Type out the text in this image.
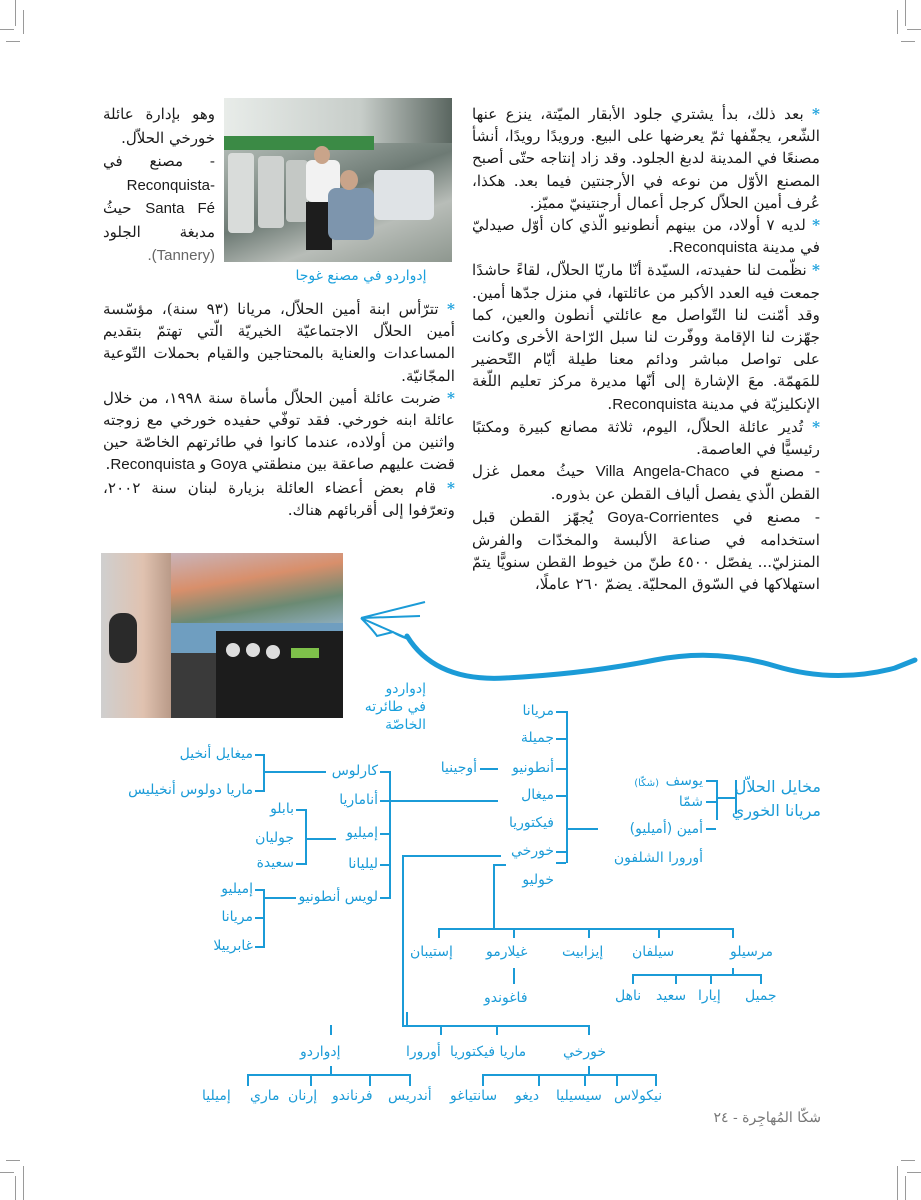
* بعد ذلك، بدأ يشتري جلود الأبقار الميّتة، ينزع عنها الشّعر، يجفّفها ثمّ يعرضها على البيع. ورويدًا رويدًا، أنشأ مصنعًا في المدينة لدبغ الجلود. وقد زاد إنتاجه حتّى أصبح المصنع الأوّل من نوعه في الأرجنتين فيما بعد. هكذا، عُرف أمين الحلاّل كرجل أعمال أرجنتينيّ مميّز.

* لديه ٧ أولاد، من بينهم أنطونيو الّذي كان أوّل صيدليّ في مدينة Reconquista.

* نظّمت لنا حفيدته، السيّدة أنّا ماريّا الحلاّل، لقاءً حاشدًا جمعت فيه العدد الأكبر من عائلتها، في منزل جدّها أمين. وقد أمّنت لنا التّواصل مع عائلتي أنطون والعين، كما جهّزت لنا الإقامة ووفّرت لنا سبل الرّاحة الأخرى وكانت على تواصل مباشر ودائم معنا طيلة أيّام التّحضير للمَهمّة. معَ الإشارة إلى أنّها مديرة مركز تعليم اللّغة الإنكليزيّة في مدينة Reconquista.

* تُدير عائلة الحلاّل، اليوم، ثلاثة مصانع كبيرة ومكتبًا رئيسيًّا في العاصمة.

- مصنع في Villa Angela-Chaco حيثُ معمل غزل القطن الّذي يفصل ألياف القطن عن بذوره.

- مصنع في Goya-Corrientes يُجهّز القطن قبل استخدامه في صناعة الألبسة والمخدّات والفرش المنزليّ... يفصّل ٤٥٠٠ طنّ من خيوط القطن سنويًّا يتمّ استهلاكها في السّوق المحليّة. يضمّ ٢٦٠ عاملًا،

وهو بإدارة عائلة خورخي الحلاّل.

- مصنع في Reconquista-Santa Fé حيثُ مدبغة الجلود (Tannery).

إدواردو في مصنع غوجا

* تترّأس ابنة أمين الحلاّل، مريانا (٩٣ سنة)، مؤسّسة أمين الحلاّل الاجتماعيّة الخيريّة الّتي تهتمّ بتقديم المساعدات والعناية بالمحتاجين والقيام بحملات التّوعية المجّانيّة.

* ضربت عائلة أمين الحلاّل مأساة سنة ١٩٩٨، من خلال عائلة ابنه خورخي. فقد توفّي حفيده خورخي مع زوجته واثنين من أولاده، عندما كانوا في طائرتهم الخاصّة حين قضت عليهم صاعقة بين منطقتي Goya و Reconquista.

* قام بعض أعضاء العائلة بزيارة لبنان سنة ٢٠٠٢، وتعرّفوا إلى أقربائهم هناك.

إدواردو
في طائرته الخاصّة
مخايل الحلاّل
مريانا الخوري
يوسف
(شكّا)
شمّا
أمين (أميليو)
أورورا الشلفون
مريانا
جميلة
أنطونيو
ميغال
فيكتوريا
خورخي
خوليو
أوجينيا
كارلوس
أناماريا
إميليو
ليليانا
لويس أنطونيو
ميغايل أنخيل
ماريا دولوس أنخيليس
بابلو
جوليان
سعيدة
إميليو
مريانا
غابرييلا	مرسيلو
سيلفان
إيزابيت
غيلارمو
إستيبان
جميل
إيارا
سعيد
ناهل
فاغوندو
خورخي
ماريا فيكتوريا
أورورا
إدواردو
نيكولاس
سيسيليا
ديغو
سانتياغو
أندريس
فرناندو
إرنان
ماري
إميليا
شكّا المُهاجِرة - ٢٤
